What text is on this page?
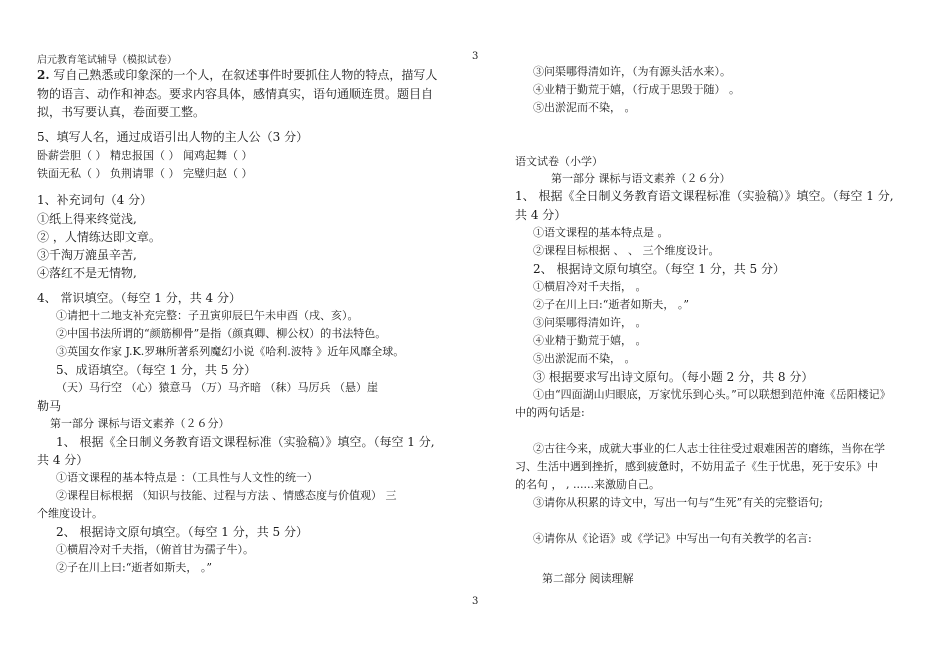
启元教育笔试辅导（模拟试卷）	3
2. 写自己熟悉或印象深的一个人，在叙述事件时要抓住人物的特点，描写人
物的语言、动作和神态。要求内容具体，感情真实，语句通顺连贯。题目自
拟，书写要认真，卷面要工整。
5、填写人名，通过成语引出人物的主人公（3 分）
卧薪尝胆（ ） 精忠报国（ ） 闻鸡起舞（ ）
铁面无私（ ） 负荆请罪（ ） 完璧归赵（ ）
1、补充词句（4 分）
①纸上得来终觉浅,
② ，人情练达即文章。
③千淘万漉虽辛苦,
④落红不是无情物,
4、 常识填空。（每空 1 分，共 4 分）
①请把十二地支补充完整：子丑寅卯辰巳午未申酉（戌、亥）。
②中国书法所谓的“颜筋柳骨”是指（颜真卿、柳公权）的书法特色。
③英国女作家 J.K.罗琳所著系列魔幻小说《哈利.波特 》近年风靡全球。
5、成语填空。（每空 1 分，共 5 分）
（天）马行空 （心）猿意马 （万）马齐暗 （秣）马厉兵 （悬）崖
勒马
第一部分 课标与语文素养（２６分）
1、 根据《全日制义务教育语文课程标准（实验稿）》填空。（每空 1 分,
共 4 分）
①语文课程的基本特点是 ：（工具性与人文性的统一）
②课程目标根据 （知识与技能、过程与方法 、情感态度与价值观） 三
个维度设计。
2、 根据诗文原句填空。（每空 1 分，共 5 分）
①横眉冷对千夫指，（俯首甘为孺子牛）。
②子在川上曰:“逝者如斯夫， 。”
③问渠哪得清如许，（为有源头活水来）。
④业精于勤荒于嬉，（行成于思毁于随） 。
⑤出淤泥而不染， 。
语文试卷（小学）
第一部分 课标与语文素养（２６分）
1、 根据《全日制义务教育语文课程标准（实验稿）》填空。（每空 1 分,
共 4 分）
①语文课程的基本特点是 。
②课程目标根据 、 、 三个维度设计。
2、 根据诗文原句填空。（每空 1 分，共 5 分）
①横眉冷对千夫指， 。
②子在川上曰:“逝者如斯夫， 。”
③问渠哪得清如许， 。
④业精于勤荒于嬉， 。
⑤出淤泥而不染， 。
③ 根据要求写出诗文原句。（每小题 2 分，共 8 分）
①由“四面湖山归眼底，万家忧乐到心头。”可以联想到范仲淹《岳阳楼记》
中的两句话是:
②古往今来，成就大事业的仁人志士往往受过艰难困苦的磨练，当你在学
习、生活中遇到挫折，感到疲惫时，不妨用孟子《生于忧患，死于安乐》中
的名句 ， , ......来激励自己。
③请你从积累的诗文中，写出一句与“生死”有关的完整语句;
④请你从《论语》或《学记》中写出一句有关教学的名言:
第二部分 阅读理解
3
